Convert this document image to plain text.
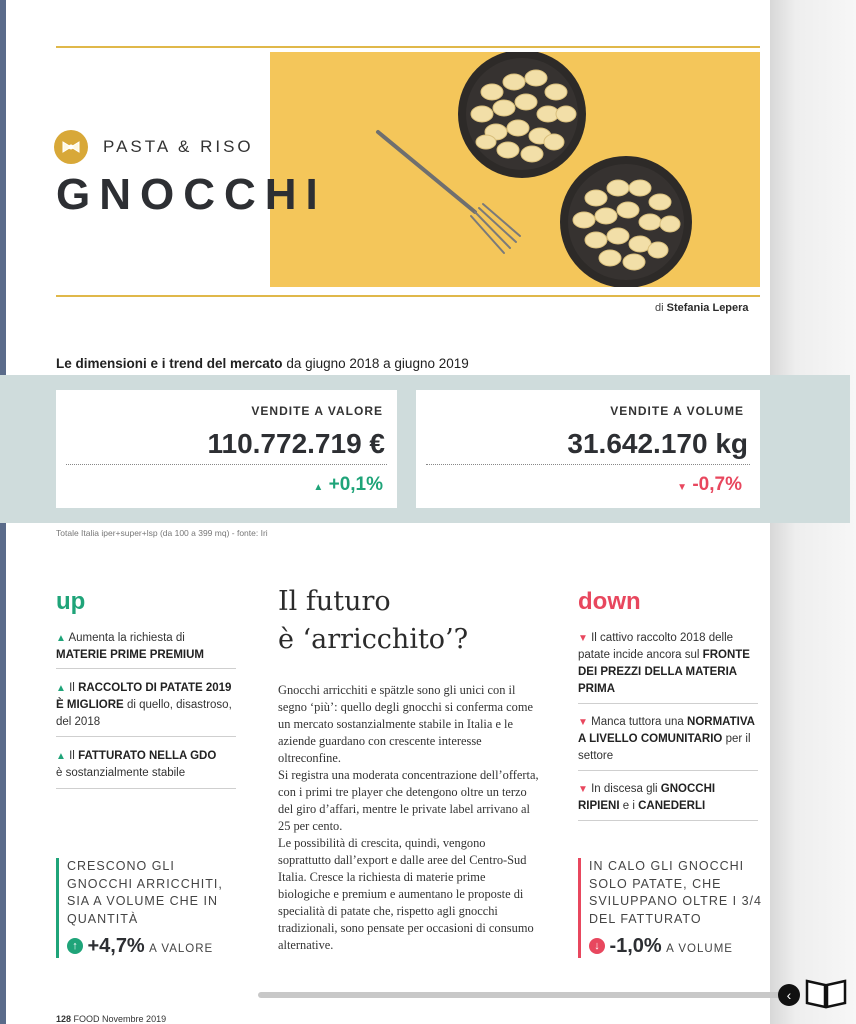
PASTA & RISO
GNOCCHI
di Stefania Lepera
Le dimensioni e i trend del mercato da giugno 2018 a giugno 2019
VENDITE A VALORE
110.772.719 €
▲ +0,1%
VENDITE A VOLUME
31.642.170 kg
▼ -0,7%
Totale Italia iper+super+lsp (da 100 a 399 mq) - fonte: Iri
up
▲ Aumenta la richiesta di
MATERIE PRIME PREMIUM
▲ Il RACCOLTO DI PATATE 2019 È MIGLIORE di quello, disastroso, del 2018
▲ Il FATTURATO NELLA GDO
è sostanzialmente stabile
CRESCONO GLI GNOCCHI ARRICCHITI, SIA A VOLUME CHE IN QUANTITÀ
↑ +4,7% A VALORE
Il futuro
è ‘arricchito’?

Gnocchi arricchiti e spätzle sono gli unici con il segno ‘più’: quello degli gnocchi si conferma come un mercato sostanzialmente stabile in Italia e le aziende guardano con crescente interesse oltreconfine.

Si registra una moderata concentrazione dell’offerta, con i primi tre player che detengono oltre un terzo del giro d’affari, mentre le private label arrivano al 25 per cento.

Le possibilità di crescita, quindi, vengono soprattutto dall’export e dalle aree del Centro-Sud Italia. Cresce la richiesta di materie prime biologiche e premium e aumentano le proposte di specialità di patate che, rispetto agli gnocchi tradizionali, sono pensate per occasioni di consumo alternative.

down
▼ Il cattivo raccolto 2018 delle patate incide ancora sul FRONTE DEI PREZZI DELLA MATERIA PRIMA
▼ Manca tuttora una NORMATIVA A LIVELLO COMUNITARIO per il settore
▼ In discesa gli GNOCCHI RIPIENI e i CANEDERLI
IN CALO GLI GNOCCHI SOLO PATATE, CHE SVILUPPANO OLTRE I 3/4 DEL FATTURATO
↓ -1,0% A VOLUME
‹
128 FOOD Novembre 2019
